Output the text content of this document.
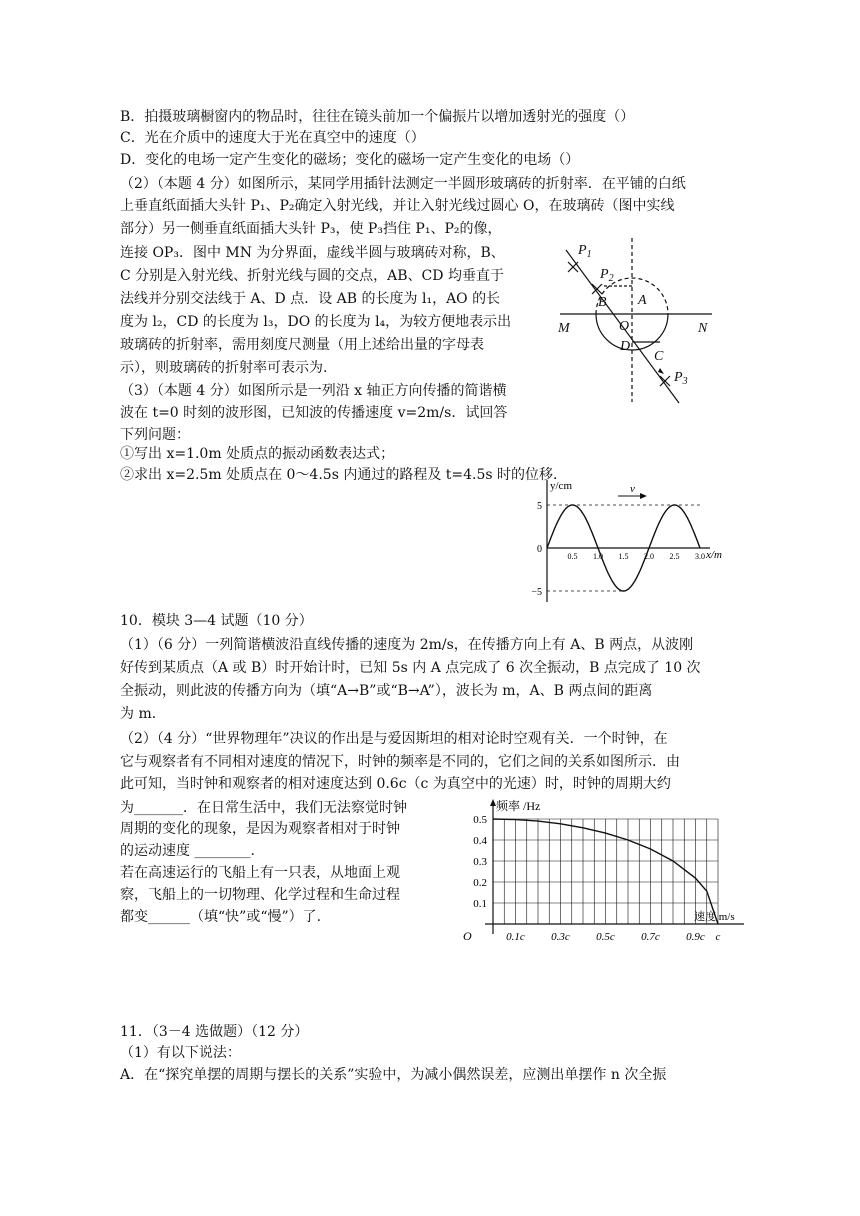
B．拍摄玻璃橱窗内的物品时，往往在镜头前加一个偏振片以增加透射光的强度（）
C．光在介质中的速度大于光在真空中的速度（）
D．变化的电场一定产生变化的磁场；变化的磁场一定产生变化的电场（）
（2）（本题 4 分）如图所示，某同学用插针法测定一半圆形玻璃砖的折射率．在平铺的白纸
上垂直纸面插大头针 P₁、P₂确定入射光线，并让入射光线过圆心 O，在玻璃砖（图中实线
部分）另一侧垂直纸面插大头针 P₃，使 P₃挡住 P₁、P₂的像，
连接 OP₃．图中 MN 为分界面，虚线半圆与玻璃砖对称，B、
C 分别是入射光线、折射光线与圆的交点，AB、CD 均垂直于
法线并分别交法线于 A、D 点．设 AB 的长度为 l₁，AO 的长
度为 l₂，CD 的长度为 l₃，DO 的长度为 l₄，为较方便地表示出
玻璃砖的折射率，需用刻度尺测量（用上述给出量的字母表
示），则玻璃砖的折射率可表示为.
（3）（本题 4 分）如图所示是一列沿 x 轴正方向传播的简谐横
波在 t=0 时刻的波形图，已知波的传播速度 v=2m/s．试回答
下列问题：
①写出 x=1.0m 处质点的振动函数表达式；
②求出 x=2.5m 处质点在 0～4.5s 内通过的路程及 t=4.5s 时的位移．
10．模块 3—4 试题（10 分）
（1）（6 分）一列简谐横波沿直线传播的速度为 2m/s，在传播方向上有 A、B 两点，从波刚
好传到某质点（A 或 B）时开始计时，已知 5s 内 A 点完成了 6 次全振动，B 点完成了 10 次
全振动，则此波的传播方向为（填“A→B”或“B→A”），波长为 m，A、B 两点间的距离
为 m．
（2）（4 分）“世界物理年”决议的作出是与爱因斯坦的相对论时空观有关．一个时钟，在
它与观察者有不同相对速度的情况下，时钟的频率是不同的，它们之间的关系如图所示．由
此可知，当时钟和观察者的相对速度达到 0.6c（c 为真空中的光速）时，时钟的周期大约
为_______．在日常生活中，我们无法察觉时钟
周期的变化的现象，是因为观察者相对于时钟
的运动速度 ________.
若在高速运行的飞船上有一只表，从地面上观
察，飞船上的一切物理、化学过程和生命过程
都变______（填“快”或“慢”）了.
11．（3－4 选做题）（12 分）
（1）有以下说法：
A．在“探究单摆的周期与摆长的关系”实验中，为减小偶然误差，应测出单摆作 n 次全振
$P_1$
$P_2$
B A
O
D
C
$P_3$
M	N
v
y/cm
x/m
5
0
−5
0.5 1.0 1.5 2.0 2.5 3.0
频率 /Hz
速度 m/s
O
0.5
0.4
0.3
0.2
0.1
0.1c 0.3c 0.5c 0.7c 0.9c c
